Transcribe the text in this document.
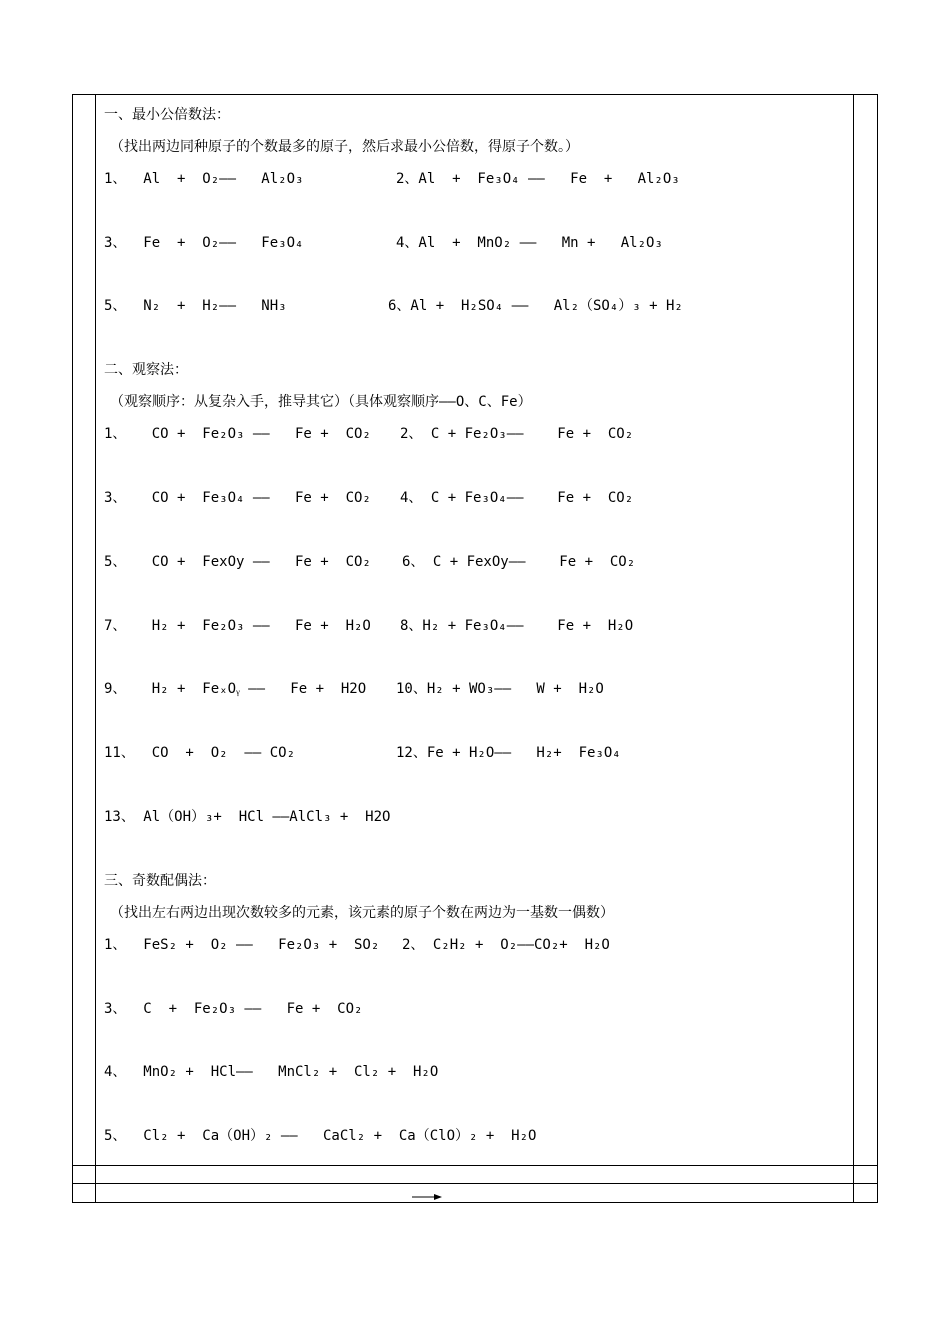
一、最小公倍数法：
（找出两边同种原子的个数最多的原子，然后求最小公倍数，得原子个数。）
1、  Al  +  O₂——   Al₂O₃	2、Al  +  Fe₃O₄ ——   Fe  +   Al₂O₃
3、  Fe  +  O₂——   Fe₃O₄	4、Al  +  MnO₂ ——   Mn +   Al₂O₃
5、  N₂  +  H₂——   NH₃	6、Al +  H₂SO₄ ——   Al₂（SO₄）₃ + H₂
二、观察法：
（观察顺序：从复杂入手，推导其它）（具体观察顺序——O、C、Fe）
1、   CO +  Fe₂O₃ ——   Fe +  CO₂ 2、 C + Fe₂O₃——    Fe +  CO₂
3、   CO +  Fe₃O₄ ——   Fe +  CO₂ 4、 C + Fe₃O₄——    Fe +  CO₂
5、   CO +  FexOy ——   Fe +  CO₂ 6、 C + FexOy——    Fe +  CO₂
7、   H₂ +  Fe₂O₃ ——   Fe +  H₂O 8、H₂ + Fe₃O₄——    Fe +  H₂O
9、   H₂ +  FeₓOᵧ ——   Fe +  H2O 10、H₂ + WO₃——   W +  H₂O
11、  CO  +  O₂  —— CO₂	12、Fe + H₂O——   H₂+  Fe₃O₄
13、 Al（OH）₃+  HCl ——AlCl₃ +  H2O
三、奇数配偶法：
（找出左右两边出现次数较多的元素，该元素的原子个数在两边为一基数一偶数）
1、  FeS₂ +  O₂ ——   Fe₂O₃ +  SO₂ 2、 C₂H₂ +  O₂——CO₂+  H₂O
3、  C  +  Fe₂O₃ ——   Fe +  CO₂
4、  MnO₂ +  HCl——   MnCl₂ +  Cl₂ +  H₂O
5、  Cl₂ +  Ca（OH）₂ ——   CaCl₂ +  Ca（ClO）₂ +  H₂O
